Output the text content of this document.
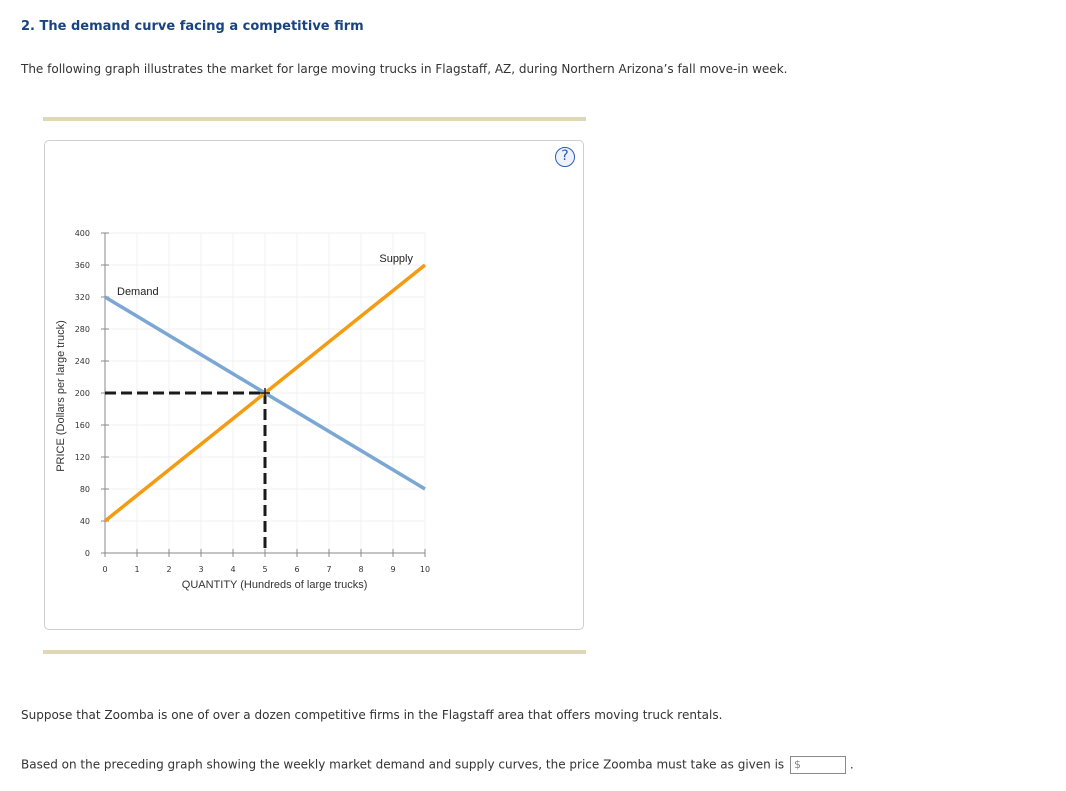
2. The demand curve facing a competitive firm

The following graph illustrates the market for large moving trucks in Flagstaff, AZ, during Northern Arizona’s fall move-in week.

?
0	1	2	3	4	5	6	7	8	9	10
0
40
80
120
160
200
240
280
320
360
400
QUANTITY (Hundreds of large trucks)
PRICE (Dollars per large truck)
Demand
Supply

Suppose that Zoomba is one of over a dozen competitive firms in the Flagstaff area that offers moving truck rentals.

Based on the preceding graph showing the weekly market demand and supply curves, the price Zoomba must take as given is $	.
